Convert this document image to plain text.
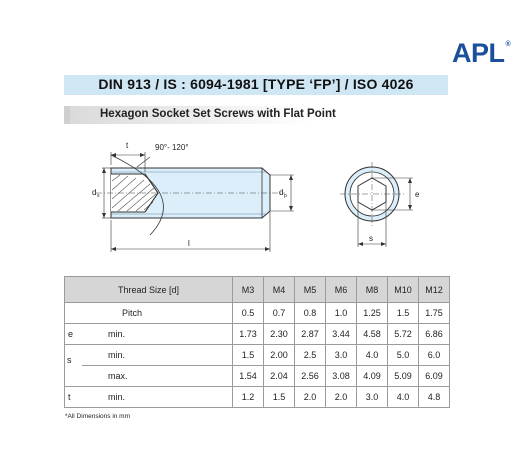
APL®
DIN 913 / IS : 6094-1981 [TYPE ‘FP’] / ISO 4026
Hexagon Socket Set Screws with Flat Point
90°- 120°
t
d s	d p
l
e
s
Thread Size [d]		M3	M4	M5	M6	M8	M10	M12
	Pitch	0.5	0.7	0.8	1.0	1.25	1.5	1.75
e	min.	1.73	2.30	2.87	3.44	4.58	5.72	6.86
	min.	1.5	2.00	2.5	3.0	4.0	5.0	6.0
	max.	1.54	2.04	2.56	3.08	4.09	5.09	6.09
t	min.	1.2	1.5	2.0	2.0	3.0	4.0	4.8
s
*All Dimensions in mm
